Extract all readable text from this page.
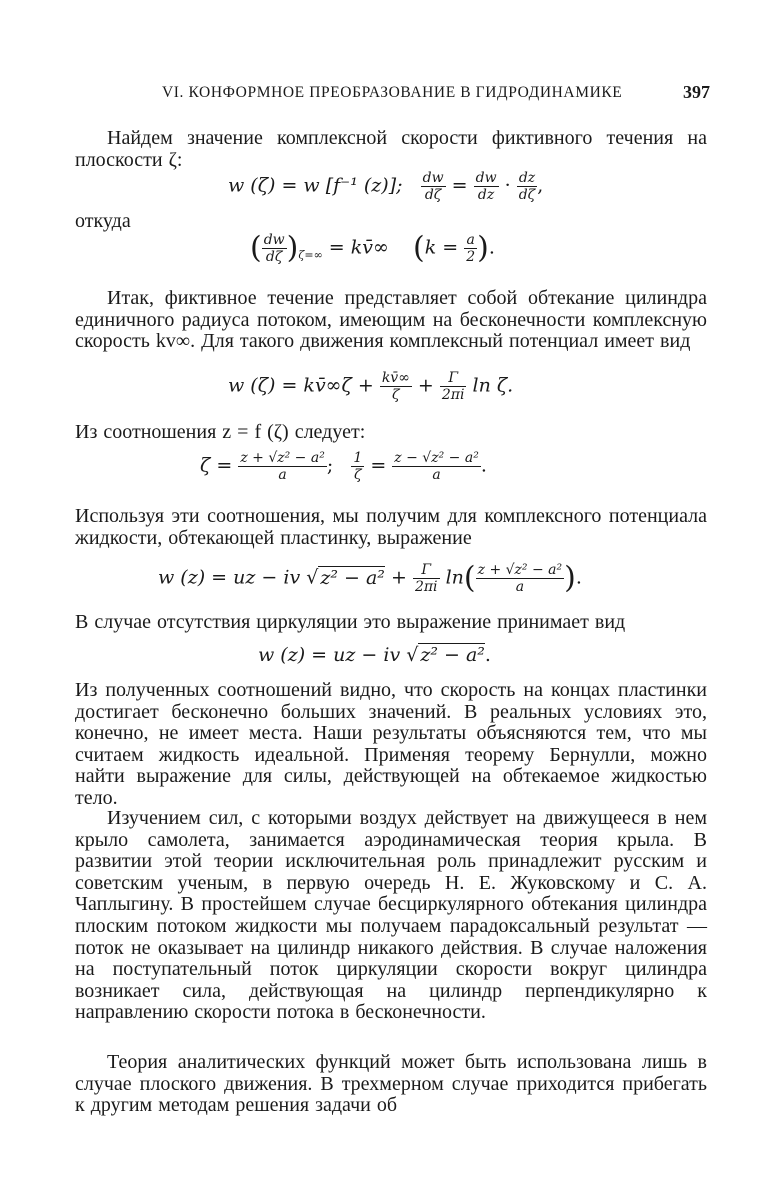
VI. КОНФОРМНОЕ ПРЕОБРАЗОВАНИЕ В ГИДРОДИНАМИКЕ	397
Найдем значение комплексной скорости фиктивного течения на плоскости ζ:
w (ζ) = w [f⁻¹ (z)]; $\frac{dw}{d\zeta} = \frac{dw}{dz} \cdot \frac{dz}{d\zeta}$ ,
откуда
( $\frac{dw}{d\zeta} )_{\zeta=\infty}$ = kv̄∞ ($k = \frac{a}{2}$ ).
Итак, фиктивное течение представляет собой обтекание цилиндра единичного радиуса потоком, имеющим на бесконечности комплексную скорость kv∞. Для такого движения комплексный потенциал имеет вид
w (ζ) = kv̄∞ζ + $\frac{kv̄\infty}{\zeta} + \frac{\Gamma}{2\pi i}$ ln ζ.
Из соотношения z = f (ζ) следует:
$\zeta = \frac{\text{z + √z² − a²}}{a}$ ; $\frac{1}{\zeta} = \frac{\text{z − √z² − a²}}{a}$ .
Используя эти соотношения, мы получим для комплексного потенциала жидкости, обтекающей пластинку, выражение
w (z) = uz − iv √ $z^2 - a^2 + \frac{\Gamma}{2\pi i} \ln( \frac{\text{z + √z² − a²}}{a}$ ).
В случае отсутствия циркуляции это выражение принимает вид
w (z) = uz − iv √ z² − a².
Из полученных соотношений видно, что скорость на концах пластинки достигает бесконечно больших значений. В реальных условиях это, конечно, не имеет места. Наши результаты объясняются тем, что мы считаем жидкость идеальной. Применяя теорему Бернулли, можно найти выражение для силы, действующей на обтекаемое жидкостью тело.
Изучением сил, с которыми воздух действует на движущееся в нем крыло самолета, занимается аэродинамическая теория крыла. В развитии этой теории исключительная роль принадлежит русским и советским ученым, в первую очередь Н. Е. Жуковскому и С. А. Чаплыгину. В простейшем случае бесциркулярного обтекания цилиндра плоским потоком жидкости мы получаем парадоксальный результат — поток не оказывает на цилиндр никакого действия. В случае наложения на поступательный поток циркуляции скорости вокруг цилиндра возникает сила, действующая на цилиндр перпендикулярно к направлению скорости потока в бесконечности.
Теория аналитических функций может быть использована лишь в случае плоского движения. В трехмерном случае приходится прибегать к другим методам решения задачи об
